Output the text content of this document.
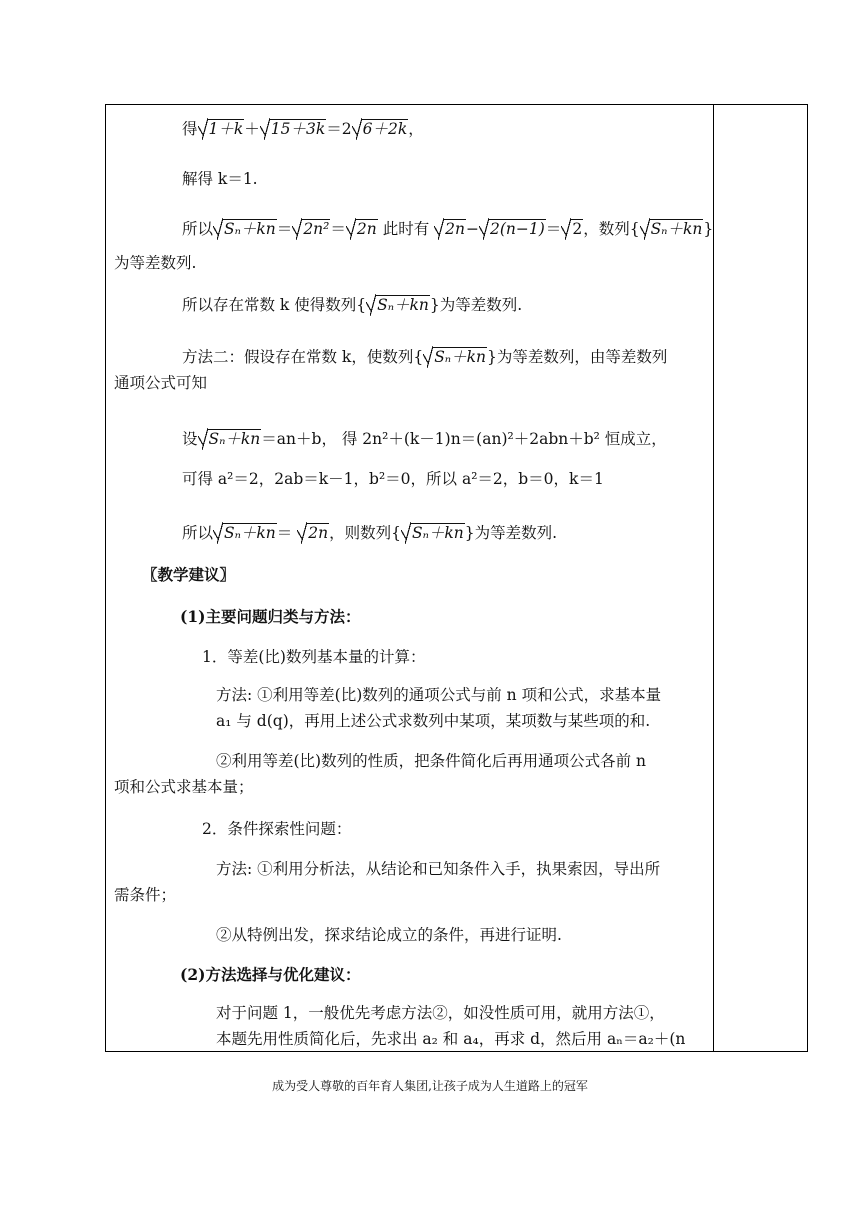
得 1＋k＋ 15＋3k＝2 6＋2k，
解得 k＝1.
所以 Sₙ＋kn＝ 2n²＝ 2n 此时有 2n− 2(n−1)＝ 2，数列{ Sₙ＋kn}
为等差数列.
所以存在常数 k 使得数列{ Sₙ＋kn}为等差数列.
方法二：假设存在常数 k，使数列{ Sₙ＋kn}为等差数列，由等差数列
通项公式可知
设 Sₙ＋kn＝an＋b， 得 2n²＋(k－1)n＝(an)²＋2abn＋b² 恒成立，
可得 a²＝2，2ab＝k－1，b²＝0，所以 a²＝2，b＝0，k＝1
所以 Sₙ＋kn＝ 2n，则数列{ Sₙ＋kn}为等差数列.
〖教学建议〗
(1)主要问题归类与方法：
1．等差(比)数列基本量的计算：
方法: ①利用等差(比)数列的通项公式与前 n 项和公式，求基本量
a₁ 与 d(q)，再用上述公式求数列中某项，某项数与某些项的和.
②利用等差(比)数列的性质，把条件简化后再用通项公式各前 n
项和公式求基本量；
2．条件探索性问题：
方法: ①利用分析法，从结论和已知条件入手，执果索因，导出所
需条件；
②从特例出发，探求结论成立的条件，再进行证明.
(2)方法选择与优化建议：
对于问题 1，一般优先考虑方法②，如没性质可用，就用方法①，
本题先用性质简化后，先求出 a₂ 和 a₄，再求 d，然后用 aₙ＝a₂＋(n
成为受人尊敬的百年育人集团,让孩子成为人生道路上的冠军
